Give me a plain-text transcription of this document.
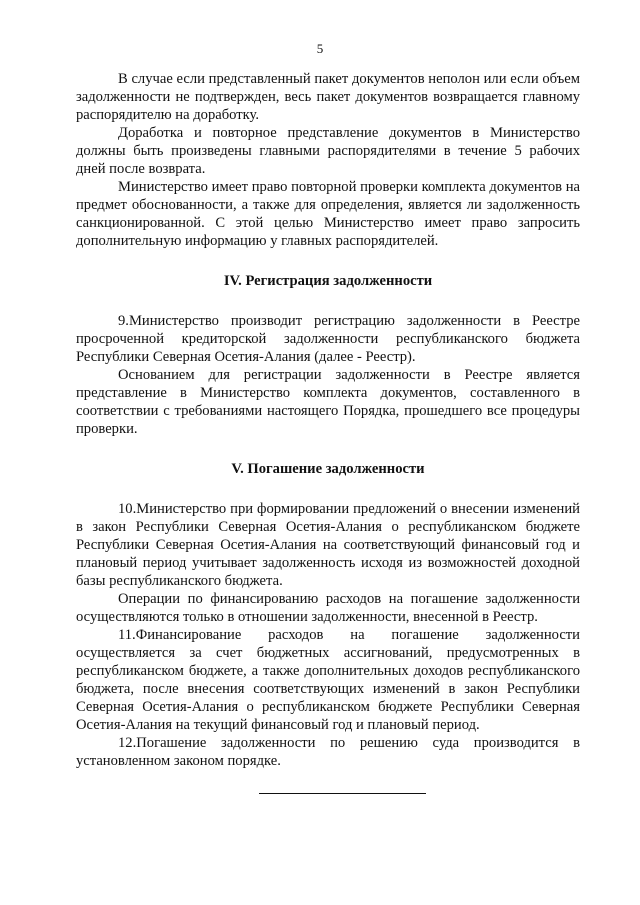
5

В случае если представленный пакет документов неполон или если объем задолженности не подтвержден, весь пакет документов возвращается главному распорядителю на доработку.

Доработка и повторное представление документов в Министерство должны быть произведены главными распорядителями в течение 5 рабочих дней после возврата.

Министерство имеет право повторной проверки комплекта документов на предмет обоснованности, а также для определения, является ли задолженность санкционированной. С этой целью Министерство имеет право запросить дополнительную информацию у главных распорядителей.

IV. Регистрация задолженности

9.Министерство производит регистрацию задолженности в Реестре просроченной кредиторской задолженности республиканского бюджета Республики Северная Осетия-Алания (далее - Реестр).

Основанием для регистрации задолженности в Реестре является представление в Министерство комплекта документов, составленного в соответствии с требованиями настоящего Порядка, прошедшего все процедуры проверки.

V. Погашение задолженности

10.Министерство при формировании предложений о внесении изменений в закон Республики Северная Осетия-Алания о республиканском бюджете Республики Северная Осетия-Алания на соответствующий финансовый год и плановый период учитывает задолженность исходя из возможностей доходной базы республиканского бюджета.

Операции по финансированию расходов на погашение задолженности осуществляются только в отношении задолженности, внесенной в Реестр.

11.Финансирование расходов на погашение задолженности осуществляется за счет бюджетных ассигнований, предусмотренных в республиканском бюджете, а также дополнительных доходов республиканского бюджета, после внесения соответствующих изменений в закон Республики Северная Осетия-Алания о республиканском бюджете Республики Северная Осетия-Алания на текущий финансовый год и плановый период.

12.Погашение задолженности по решению суда производится в установленном законом порядке.
